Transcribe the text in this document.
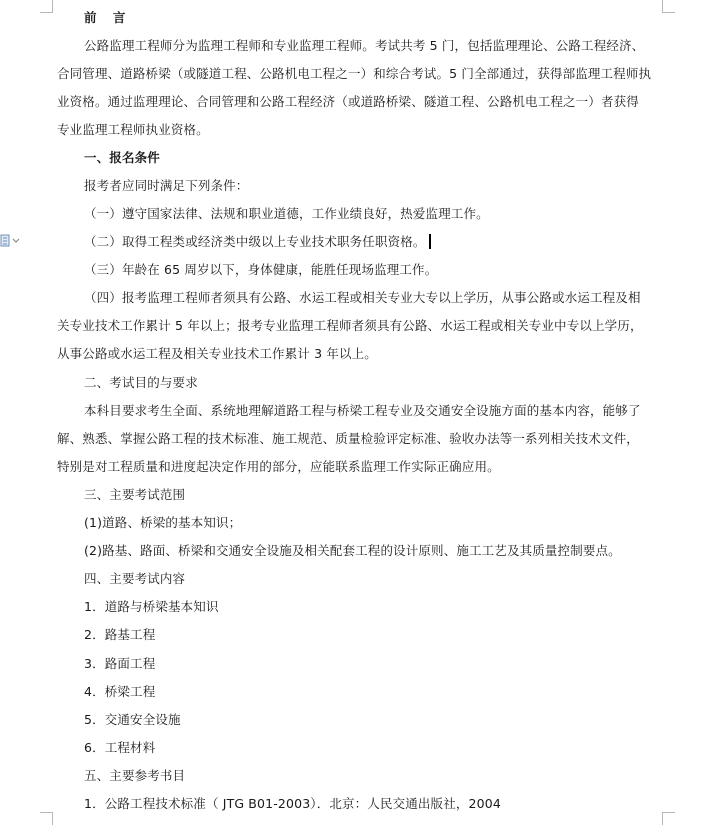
前 言
公路监理工程师分为监理工程师和专业监理工程师。考试共考 5 门，包括监理理论、公路工程经济、
合同管理、道路桥梁（或隧道工程、公路机电工程之一）和综合考试。5 门全部通过，获得部监理工程师执
业资格。通过监理理论、合同管理和公路工程经济（或道路桥梁、隧道工程、公路机电工程之一）者获得
专业监理工程师执业资格。
一、报名条件
报考者应同时满足下列条件：
（一）遵守国家法律、法规和职业道德，工作业绩良好，热爱监理工作。
（二）取得工程类或经济类中级以上专业技术职务任职资格。
（三）年龄在 65 周岁以下，身体健康，能胜任现场监理工作。
（四）报考监理工程师者须具有公路、水运工程或相关专业大专以上学历，从事公路或水运工程及相
关专业技术工作累计 5 年以上；报考专业监理工程师者须具有公路、水运工程或相关专业中专以上学历，
从事公路或水运工程及相关专业技术工作累计 3 年以上。
二、考试目的与要求
本科目要求考生全面、系统地理解道路工程与桥梁工程专业及交通安全设施方面的基本内容，能够了
解、熟悉、掌握公路工程的技术标准、施工规范、质量检验评定标准、验收办法等一系列相关技术文件，
特别是对工程质量和进度起决定作用的部分，应能联系监理工作实际正确应用。
三、主要考试范围
(1)道路、桥梁的基本知识；
(2)路基、路面、桥梁和交通安全设施及相关配套工程的设计原则、施工工艺及其质量控制要点。
四、主要考试内容
1．道路与桥梁基本知识
2．路基工程
3．路面工程
4．桥梁工程
5．交通安全设施
6．工程材料
五、主要参考书目
1．公路工程技术标准（ JTG B01-2003）．北京：人民交通出版社，2004
